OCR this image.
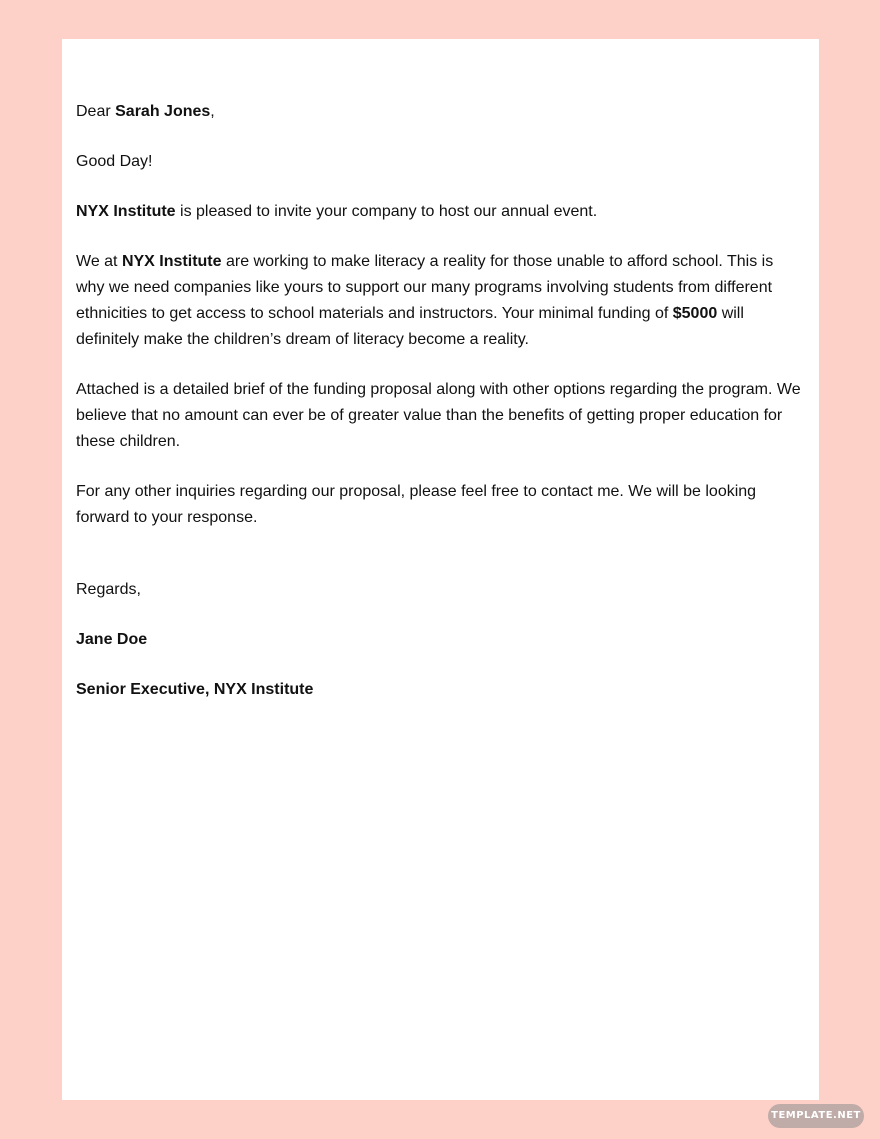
Dear Sarah Jones,

Good Day!

NYX Institute is pleased to invite your company to host our annual event.

We at NYX Institute are working to make literacy a reality for those unable to afford school. This is why we need companies like yours to support our many programs involving students from different ethnicities to get access to school materials and instructors. Your minimal funding of $5000 will definitely make the children’s dream of literacy become a reality.

Attached is a detailed brief of the funding proposal along with other options regarding the program. We believe that no amount can ever be of greater value than the benefits of getting proper education for these children.

For any other inquiries regarding our proposal, please feel free to contact me. We will be looking forward to your response.

Regards,

Jane Doe

Senior Executive, NYX Institute

TEMPLATE.NET
